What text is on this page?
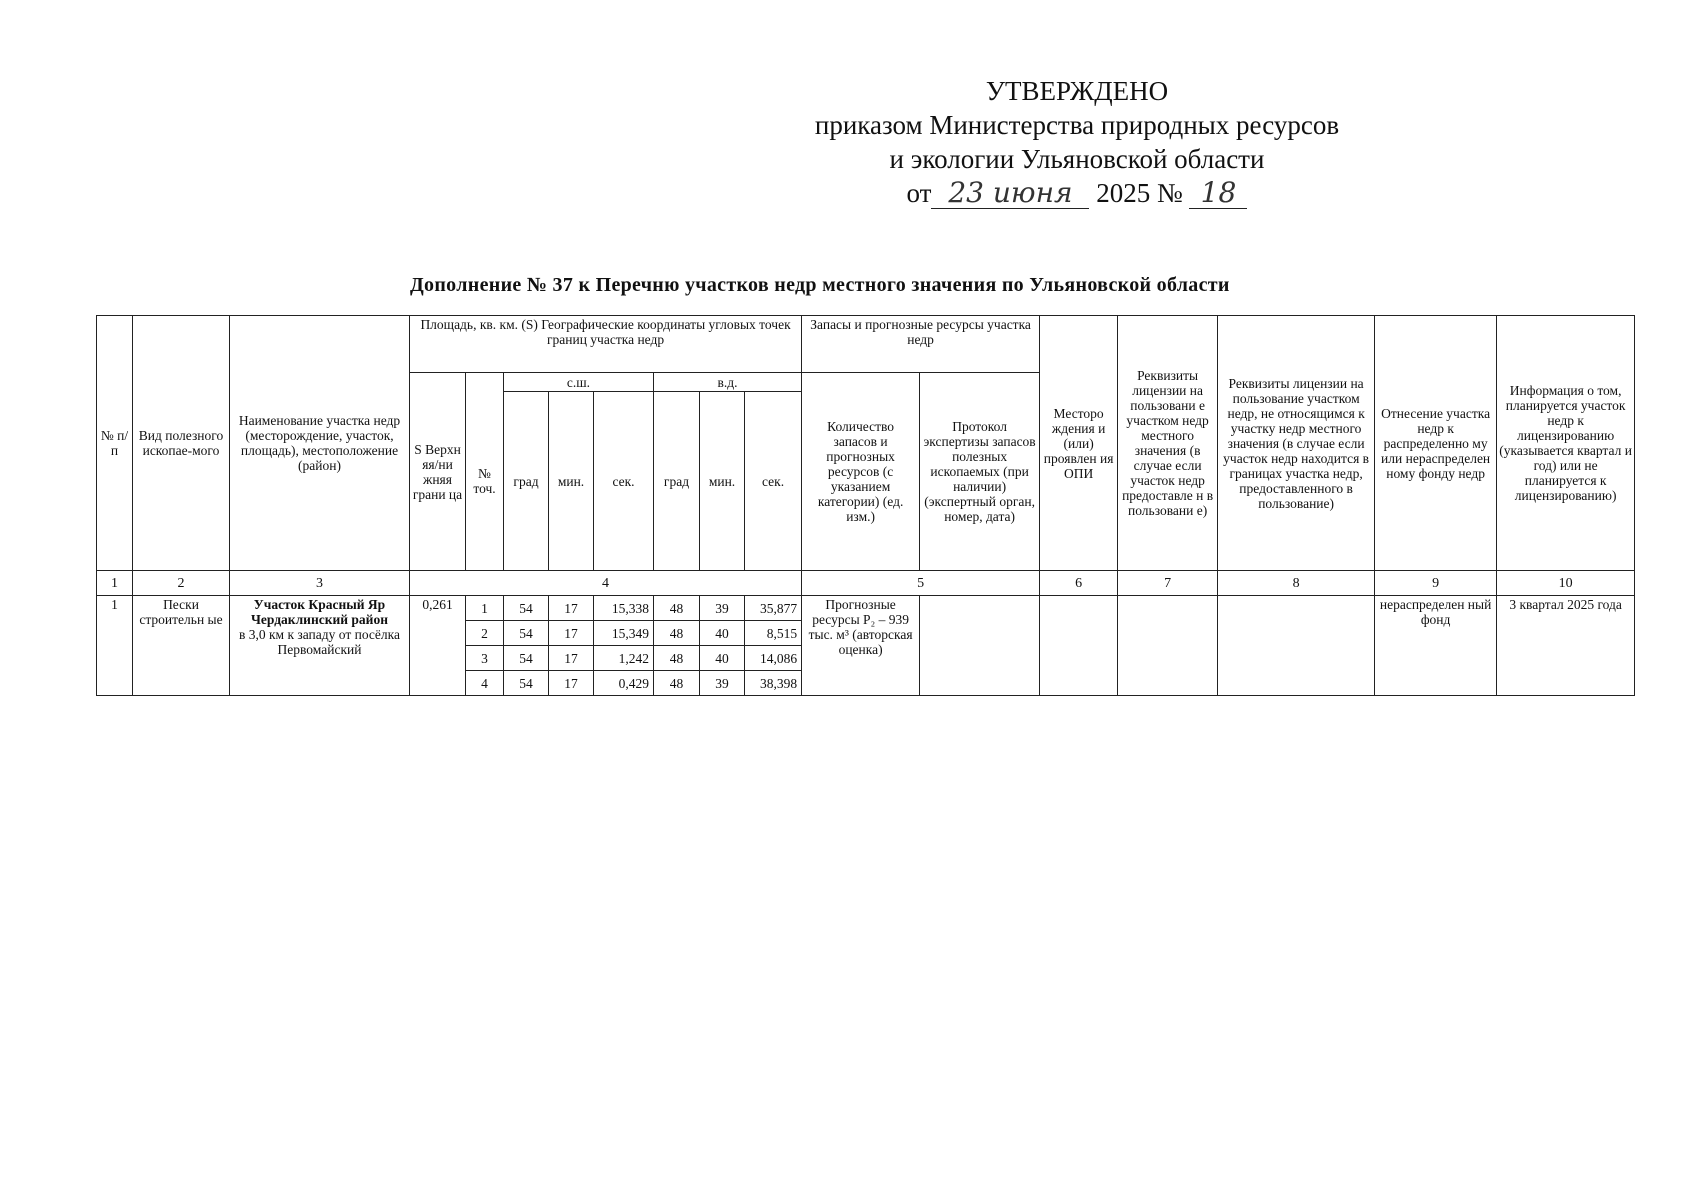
УТВЕРЖДЕНО
приказом Министерства природных ресурсов
и экологии Ульяновской области
от 23 июня 2025 № 18
Дополнение № 37 к Перечню участков недр местного значения по Ульяновской области
№ п/п	Вид полезного ископае-мого	Наименование участка недр (месторождение, участок, площадь), местоположение (район)	Площадь, кв. км. (S) Географические координаты угловых точек границ участка недр								Запасы и прогнозные ресурсы участка недр		Месторо ждения и (или) проявлен ия ОПИ	Реквизиты лицензии на пользовани е участком недр местного значения (в случае если участок недр предоставле н в пользовани е)	Реквизиты лицензии на пользование участком недр, не относящимся к участку недр местного значения (в случае если участок недр находится в границах участка недр, предоставленного в пользование)	Отнесение участка недр к распределенно му или нераспределен ному фонду недр	Информация о том, планируется участок недр к лицензированию (указывается квартал и год) или не планируется к лицензированию)
			S Верхн яя/ни жняя грани ца		с.ш.			в.д.			Количество запасов и прогнозных ресурсов (с указанием категории) (ед. изм.)	Протокол экспертизы запасов полезных ископаемых (при наличии) (экспертный орган, номер, дата)					
				№ точ.	град	мин.	сек.	град	мин.	сек.							
1	2	3	4								5		6	7	8	9	10
1	Пески строительн ые	Участок Красный Яр
Чердаклинский район
в 3,0 км к западу от посёлка Первомайский	0,261	1	54	17	15,338	48	39	35,877	Прогнозные ресурсы P₂ – 939 тыс. м³ (авторская оценка)					нераспределен ный фонд	3 квартал 2025 года
				2	54	17	15,349	48	40	8,515							
				3	54	17	1,242	48	40	14,086							
				4	54	17	0,429	48	39	38,398							
